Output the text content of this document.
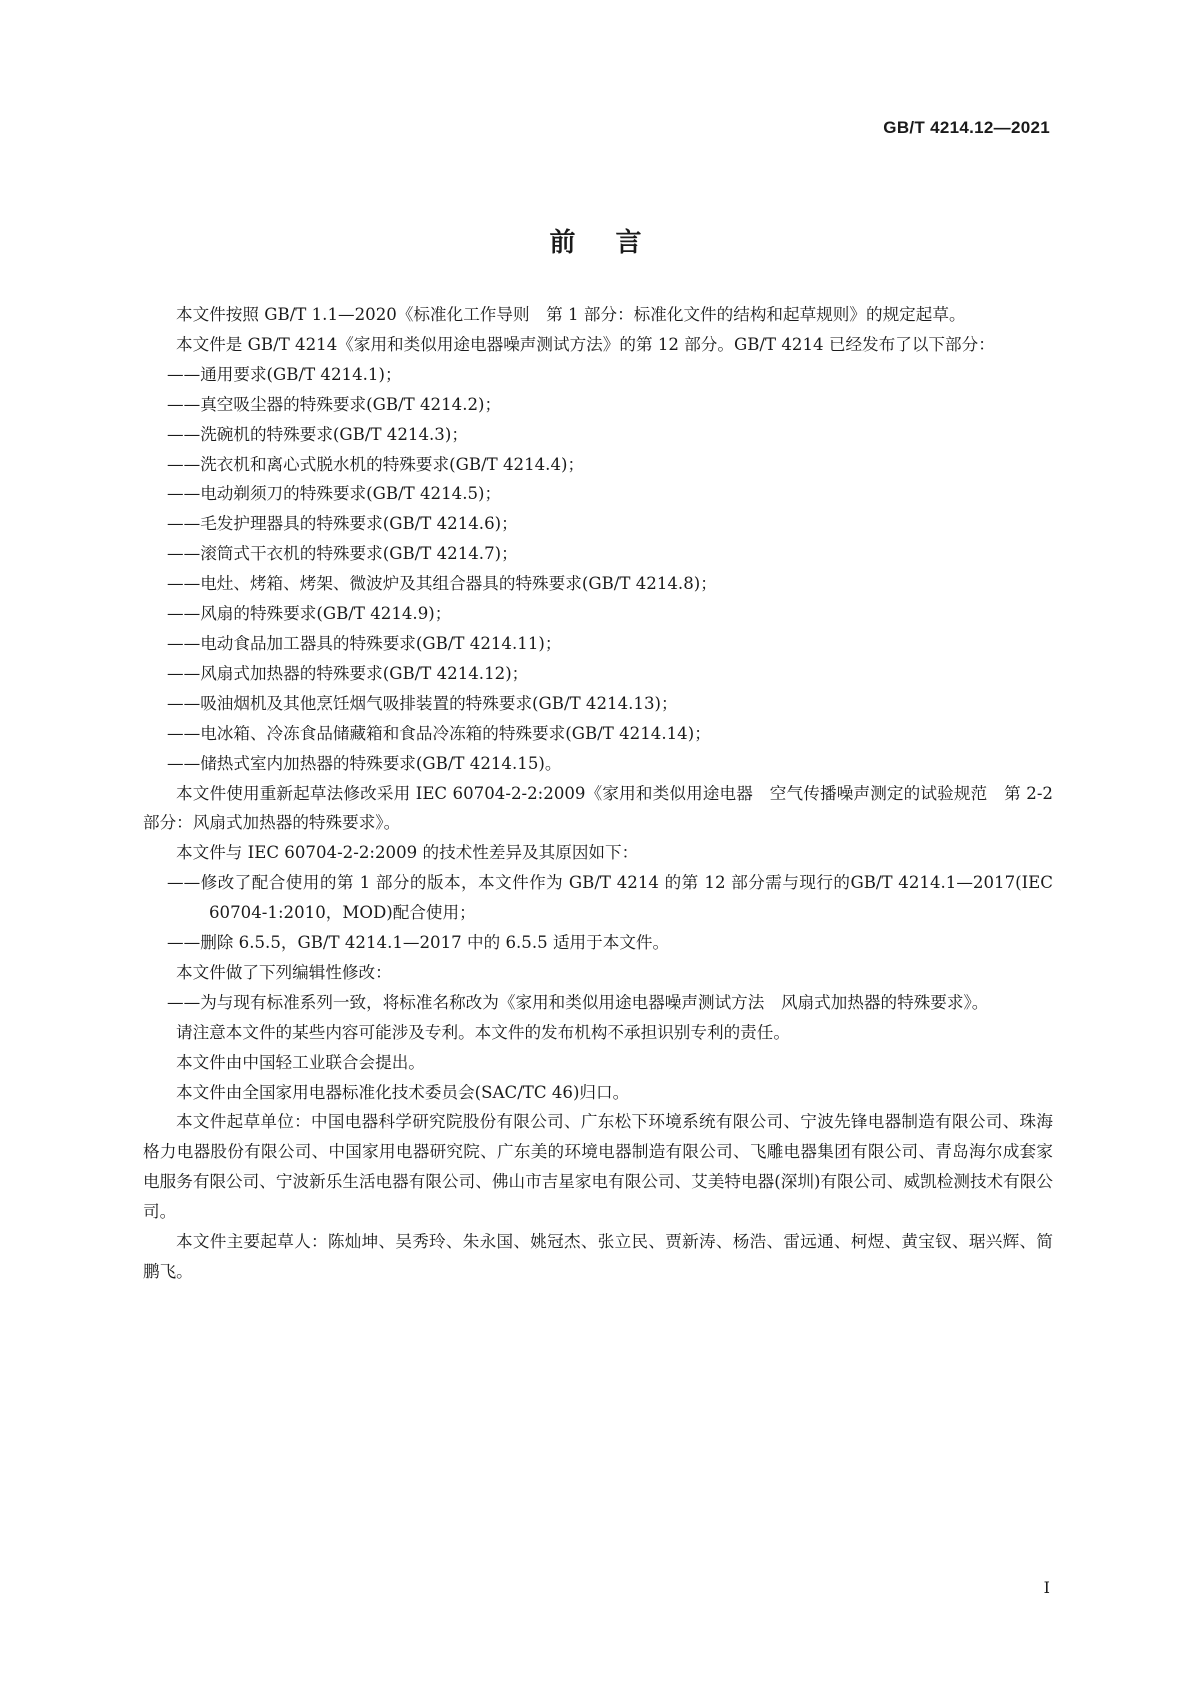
GB/T 4214.12—2021
前言

本文件按照 GB/T 1.1—2020《标准化工作导则　第 1 部分：标准化文件的结构和起草规则》的规定起草。

本文件是 GB/T 4214《家用和类似用途电器噪声测试方法》的第 12 部分。GB/T 4214 已经发布了以下部分：

——通用要求(GB/T 4214.1)；

——真空吸尘器的特殊要求(GB/T 4214.2)；

——洗碗机的特殊要求(GB/T 4214.3)；

——洗衣机和离心式脱水机的特殊要求(GB/T 4214.4)；

——电动剃须刀的特殊要求(GB/T 4214.5)；

——毛发护理器具的特殊要求(GB/T 4214.6)；

——滚筒式干衣机的特殊要求(GB/T 4214.7)；

——电灶、烤箱、烤架、微波炉及其组合器具的特殊要求(GB/T 4214.8)；

——风扇的特殊要求(GB/T 4214.9)；

——电动食品加工器具的特殊要求(GB/T 4214.11)；

——风扇式加热器的特殊要求(GB/T 4214.12)；

——吸油烟机及其他烹饪烟气吸排装置的特殊要求(GB/T 4214.13)；

——电冰箱、冷冻食品储藏箱和食品冷冻箱的特殊要求(GB/T 4214.14)；

——储热式室内加热器的特殊要求(GB/T 4214.15)。

本文件使用重新起草法修改采用 IEC 60704-2-2:2009《家用和类似用途电器　空气传播噪声测定的试验规范　第 2-2 部分：风扇式加热器的特殊要求》。

本文件与 IEC 60704-2-2:2009 的技术性差异及其原因如下：

——修改了配合使用的第 1 部分的版本，本文件作为 GB/T 4214 的第 12 部分需与现行的GB/T 4214.1—2017(IEC 60704-1:2010，MOD)配合使用；

——删除 6.5.5，GB/T 4214.1—2017 中的 6.5.5 适用于本文件。

本文件做了下列编辑性修改：

——为与现有标准系列一致，将标准名称改为《家用和类似用途电器噪声测试方法　风扇式加热器的特殊要求》。

请注意本文件的某些内容可能涉及专利。本文件的发布机构不承担识别专利的责任。

本文件由中国轻工业联合会提出。

本文件由全国家用电器标准化技术委员会(SAC/TC 46)归口。

本文件起草单位：中国电器科学研究院股份有限公司、广东松下环境系统有限公司、宁波先锋电器制造有限公司、珠海格力电器股份有限公司、中国家用电器研究院、广东美的环境电器制造有限公司、飞雕电器集团有限公司、青岛海尔成套家电服务有限公司、宁波新乐生活电器有限公司、佛山市吉星家电有限公司、艾美特电器(深圳)有限公司、威凯检测技术有限公司。

本文件主要起草人：陈灿坤、吴秀玲、朱永国、姚冠杰、张立民、贾新涛、杨浩、雷远通、柯煜、黄宝钗、琚兴辉、简鹏飞。

I
